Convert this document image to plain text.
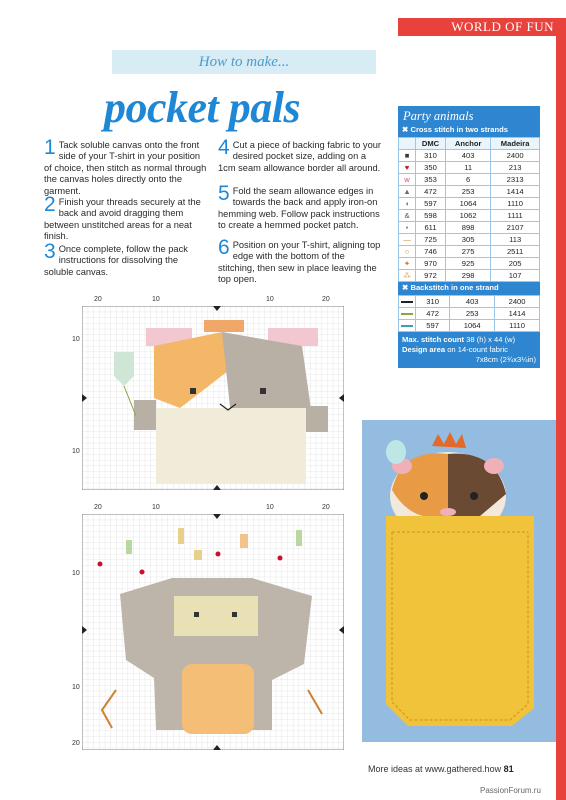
WORLD OF FUN
How to make...
pocket pals
1 Tack soluble canvas onto the front side of your T-shirt in your position of choice, then stitch as normal through the canvas holes directly onto the garment.
2 Finish your threads securely at the back and avoid dragging them between unstitched areas for a neat finish.
3 Once complete, follow the pack instructions for dissolving the soluble canvas.
4 Cut a piece of backing fabric to your desired pocket size, adding on a 1cm seam allowance border all around.
5 Fold the seam allowance edges in towards the back and apply iron-on hemming web. Follow pack instructions to create a hemmed pocket patch.
6 Position on your T-shirt, aligning top edge with the bottom of the stitching, then sew in place leaving the top open.
Party animals
✖ Cross stitch in two strands
	DMC	Anchor	Madeira
■	310	403	2400
♥	350	11	213
w	353	6	2313
▲	472	253	1414
◖	597	1064	1110
&	598	1062	1111
▪	611	898	2107
—	725	305	113
○	746	275	2511
✦	970	925	205
⁂	972	298	107
✖ Backstitch in one strand
	310	403	2400

	472	253	1414

	597	1064	1110
Max. stitch count 38 (h) x 44 (w)
Design area on 14-count fabric
7x8cm (2¾x3¼in)
20	10	10	20
10
10
20	10	10	20
10
10
20
More ideas at www.gathered.how 81
PassionForum.ru
